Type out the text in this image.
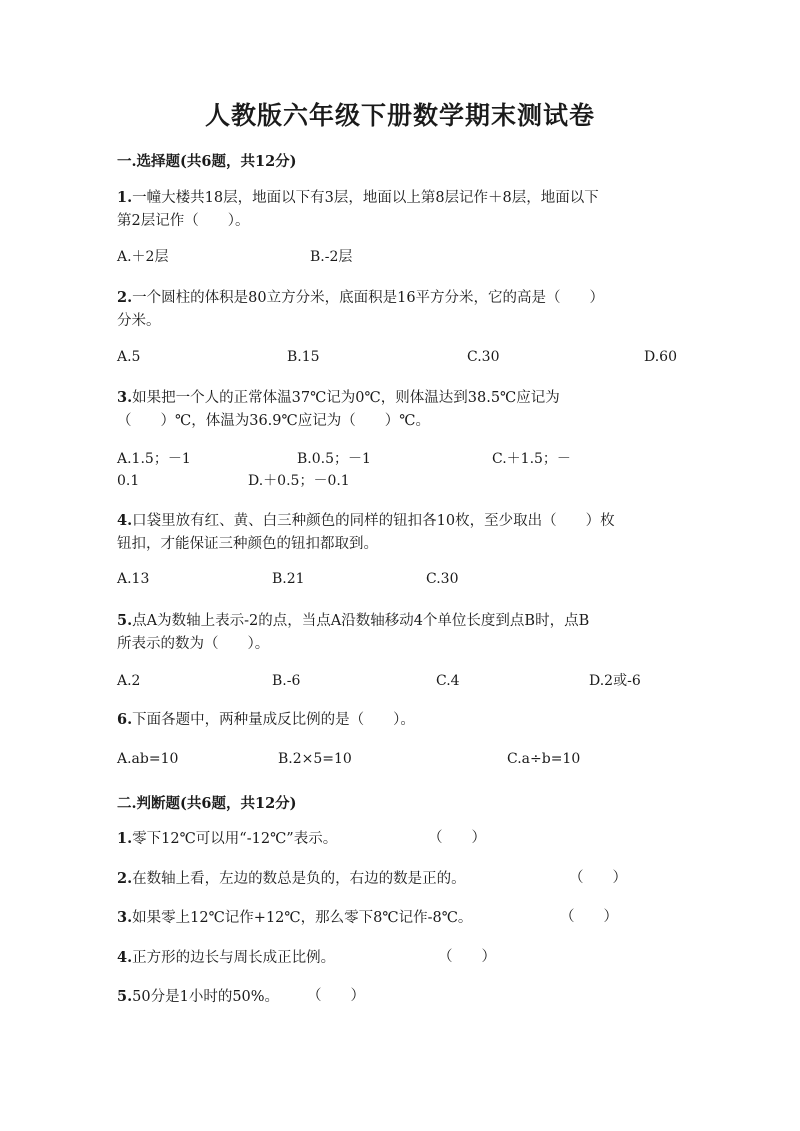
人教版六年级下册数学期末测试卷
一.选择题(共6题，共12分)
1.一幢大楼共18层，地面以下有3层，地面以上第8层记作＋8层，地面以下
第2层记作（　　）。
A.＋2层	B.-2层
2.一个圆柱的体积是80立方分米，底面积是16平方分米，它的高是（　　）
分米。
A.5	B.15	C.30	D.60
3.如果把一个人的正常体温37℃记为0℃，则体温达到38.5℃应记为
（　　）℃，体温为36.9℃应记为（　　）℃。
A.1.5；－1	B.0.5；－1	C.＋1.5；－
0.1	D.＋0.5；－0.1
4.口袋里放有红、黄、白三种颜色的同样的钮扣各10枚，至少取出（　　）枚
钮扣，才能保证三种颜色的钮扣都取到。
A.13	B.21	C.30
5.点A为数轴上表示-2的点，当点A沿数轴移动4个单位长度到点B时，点B
所表示的数为（　　）。
A.2	B.-6	C.4	D.2或-6
6.下面各题中，两种量成反比例的是（　　）。
A.ab=10	B.2×5=10	C.a÷b=10
二.判断题(共6题，共12分)
1.零下12℃可以用“-12℃”表示。	（　　）
2.在数轴上看，左边的数总是负的，右边的数是正的。	（　　）
3.如果零上12℃记作+12℃，那么零下8℃记作-8℃。	（　　）
4.正方形的边长与周长成正比例。	（　　）
5.50分是1小时的50%。	（　　）
